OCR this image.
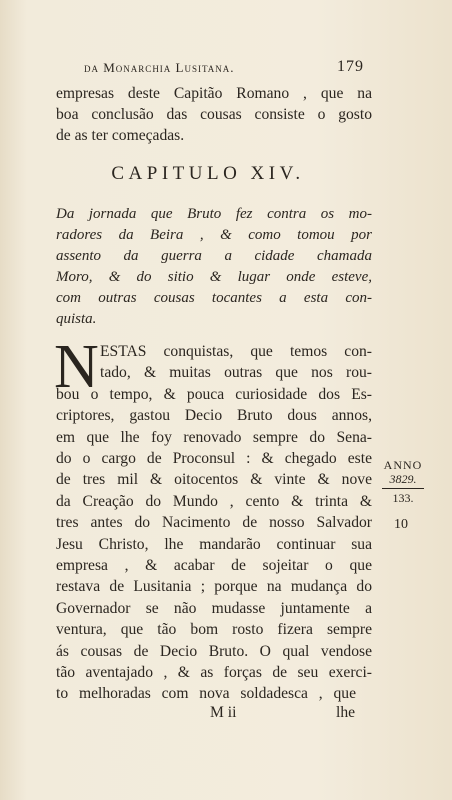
da Monarchia Lusitana.	179
empresas deste Capitão Romano , que na
boa conclusão das cousas consiste o gosto
de as ter começadas.
CAPITULO XIV.
Da jornada que Bruto fez contra os mo-
radores da Beira , & como tomou por
assento da guerra a cidade chamada
Moro, & do sitio & lugar onde esteve,
com outras cousas tocantes a esta con-
quista.
N ESTAS conquistas, que temos con-
tado, & muitas outras que nos rou-
bou o tempo, & pouca curiosidade dos Es-
criptores, gastou Decio Bruto dous annos,
em que lhe foy renovado sempre do Sena-
do o cargo de Proconsul : & chegado este
de tres mil & oitocentos & vinte & nove
da Creação do Mundo , cento & trinta &
tres antes do Nacimento de nosso Salvador
Jesu Christo, lhe mandarão continuar sua
empresa , & acabar de sojeitar o que
restava de Lusitania ; porque na mudança do
Governador se não mudasse juntamente a
ventura, que tão bom rosto fizera sempre
ás cousas de Decio Bruto. O qual vendose
tão aventajado , & as forças de seu exerci-
to melhoradas com nova soldadesca , que
ANNO
3829.
133.
10
M ii	lhe
